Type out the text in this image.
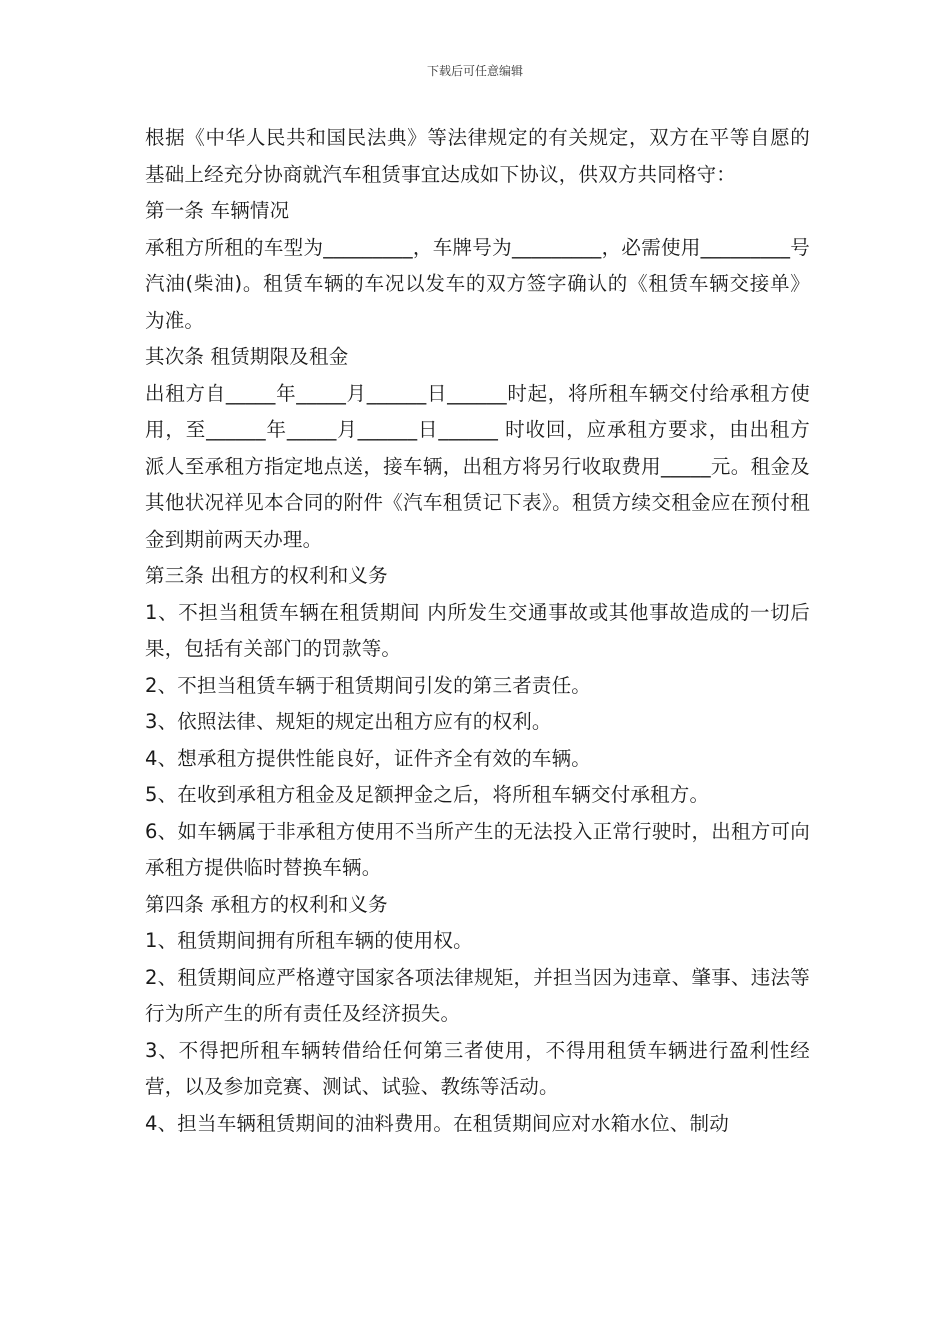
下载后可任意编辑

根据《中华人民共和国民法典》等法律规定的有关规定，双方在平等自愿的基础上经充分协商就汽车租赁事宜达成如下协议，供双方共同格守：

第一条 车辆情况

承租方所租的车型为_________，车牌号为_________，必需使用_________号汽油(柴油)。租赁车辆的车况以发车的双方签字确认的《租赁车辆交接单》为准。

其次条 租赁期限及租金

出租方自_____年_____月______日______时起，将所租车辆交付给承租方使用，至______年_____月______日______ 时收回，应承租方要求，由出租方派人至承租方指定地点送，接车辆，出租方将另行收取费用_____元。租金及其他状况祥见本合同的附件《汽车租赁记下表》。租赁方续交租金应在预付租金到期前两天办理。

第三条 出租方的权利和义务

1、不担当租赁车辆在租赁期间 内所发生交通事故或其他事故造成的一切后果，包括有关部门的罚款等。

2、不担当租赁车辆于租赁期间引发的第三者责任。

3、依照法律、规矩的规定出租方应有的权利。

4、想承租方提供性能良好，证件齐全有效的车辆。

5、在收到承租方租金及足额押金之后，将所租车辆交付承租方。

6、如车辆属于非承租方使用不当所产生的无法投入正常行驶时，出租方可向承租方提供临时替换车辆。

第四条 承租方的权利和义务

1、租赁期间拥有所租车辆的使用权。

2、租赁期间应严格遵守国家各项法律规矩，并担当因为违章、肇事、违法等行为所产生的所有责任及经济损失。

3、不得把所租车辆转借给任何第三者使用，不得用租赁车辆进行盈利性经营，以及参加竞赛、测试、试验、教练等活动。

4、担当车辆租赁期间的油料费用。在租赁期间应对水箱水位、制动
